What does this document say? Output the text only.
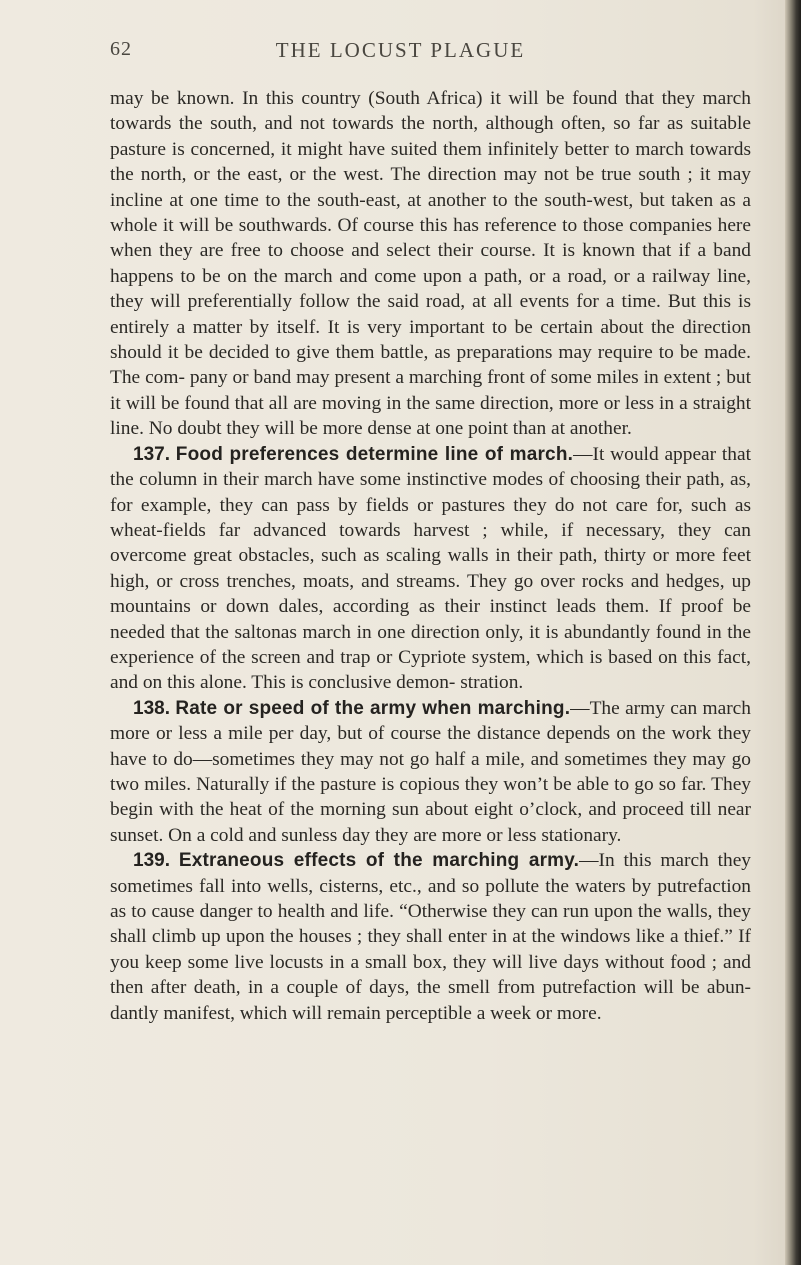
62	THE LOCUST PLAGUE

may be known. In this country (South Africa) it will be found that they march towards the south, and not towards the north, although often, so far as suitable pasture is concerned, it might have suited them infinitely better to march towards the north, or the east, or the west. The direction may not be true south ; it may incline at one time to the south-east, at another to the south-west, but taken as a whole it will be southwards. Of course this has reference to those companies here when they are free to choose and select their course. It is known that if a band happens to be on the march and come upon a path, or a road, or a railway line, they will preferentially follow the said road, at all events for a time. But this is entirely a matter by itself. It is very important to be certain about the direction should it be decided to give them battle, as preparations may require to be made. The com- pany or band may present a marching front of some miles in extent ; but it will be found that all are moving in the same direction, more or less in a straight line. No doubt they will be more dense at one point than at another.

137. Food preferences determine line of march.—It would appear that the column in their march have some instinctive modes of choosing their path, as, for example, they can pass by fields or pastures they do not care for, such as wheat-fields far advanced towards harvest ; while, if necessary, they can overcome great obstacles, such as scaling walls in their path, thirty or more feet high, or cross trenches, moats, and streams. They go over rocks and hedges, up mountains or down dales, according as their instinct leads them. If proof be needed that the saltonas march in one direction only, it is abundantly found in the experience of the screen and trap or Cypriote system, which is based on this fact, and on this alone. This is conclusive demon- stration.

138. Rate or speed of the army when marching.—The army can march more or less a mile per day, but of course the distance depends on the work they have to do—sometimes they may not go half a mile, and sometimes they may go two miles. Naturally if the pasture is copious they won’t be able to go so far. They begin with the heat of the morning sun about eight o’clock, and proceed till near sunset. On a cold and sunless day they are more or less stationary.

139. Extraneous effects of the marching army.—In this march they sometimes fall into wells, cisterns, etc., and so pollute the waters by putrefaction as to cause danger to health and life. “Otherwise they can run upon the walls, they shall climb up upon the houses ; they shall enter in at the windows like a thief.” If you keep some live locusts in a small box, they will live days without food ; and then after death, in a couple of days, the smell from putrefaction will be abun- dantly manifest, which will remain perceptible a week or more.
